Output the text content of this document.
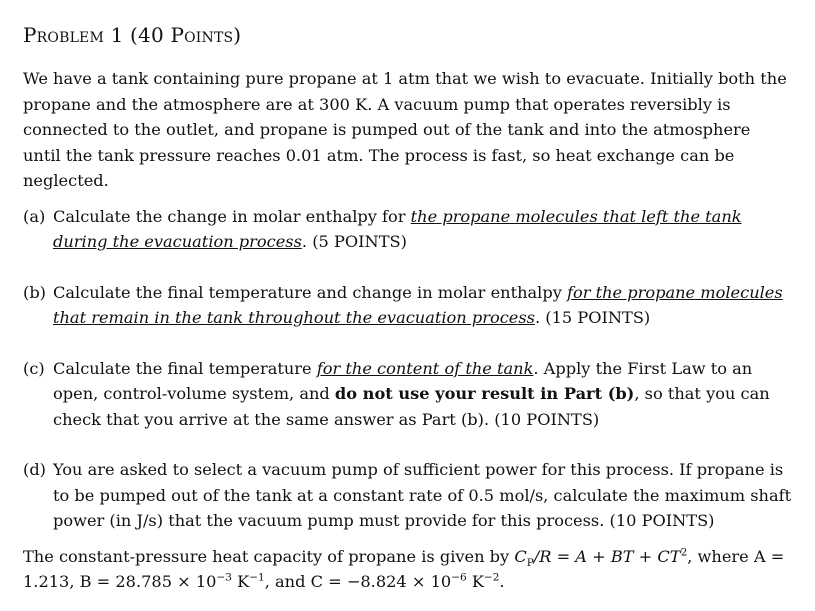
Problem 1 (40 Points)

We have a tank containing pure propane at 1 atm that we wish to evacuate. Initially both the propane and the atmosphere are at 300 K. A vacuum pump that operates reversibly is connected to the outlet, and propane is pumped out of the tank and into the atmosphere until the tank pressure reaches 0.01 atm. The process is fast, so heat exchange can be neglected.

(a) Calculate the change in molar enthalpy for the propane molecules that left the tank during the evacuation process. (5 POINTS)
(b) Calculate the final temperature and change in molar enthalpy for the propane molecules that remain in the tank throughout the evacuation process. (15 POINTS)
(c) Calculate the final temperature for the content of the tank. Apply the First Law to an open, control-volume system, and do not use your result in Part (b), so that you can check that you arrive at the same answer as Part (b). (10 POINTS)
(d) You are asked to select a vacuum pump of sufficient power for this process. If propane is to be pumped out of the tank at a constant rate of 0.5 mol/s, calculate the maximum shaft power (in J/s) that the vacuum pump must provide for this process. (10 POINTS)

The constant-pressure heat capacity of propane is given by $C_P/R = A$ + BT + $CT^2$, where A = 1.213, $B = 28.785 \times 10^{-3}$ $K^{-1}$, and $C = -8.824 \times 10^{-6}$ $K^{-2}$.
